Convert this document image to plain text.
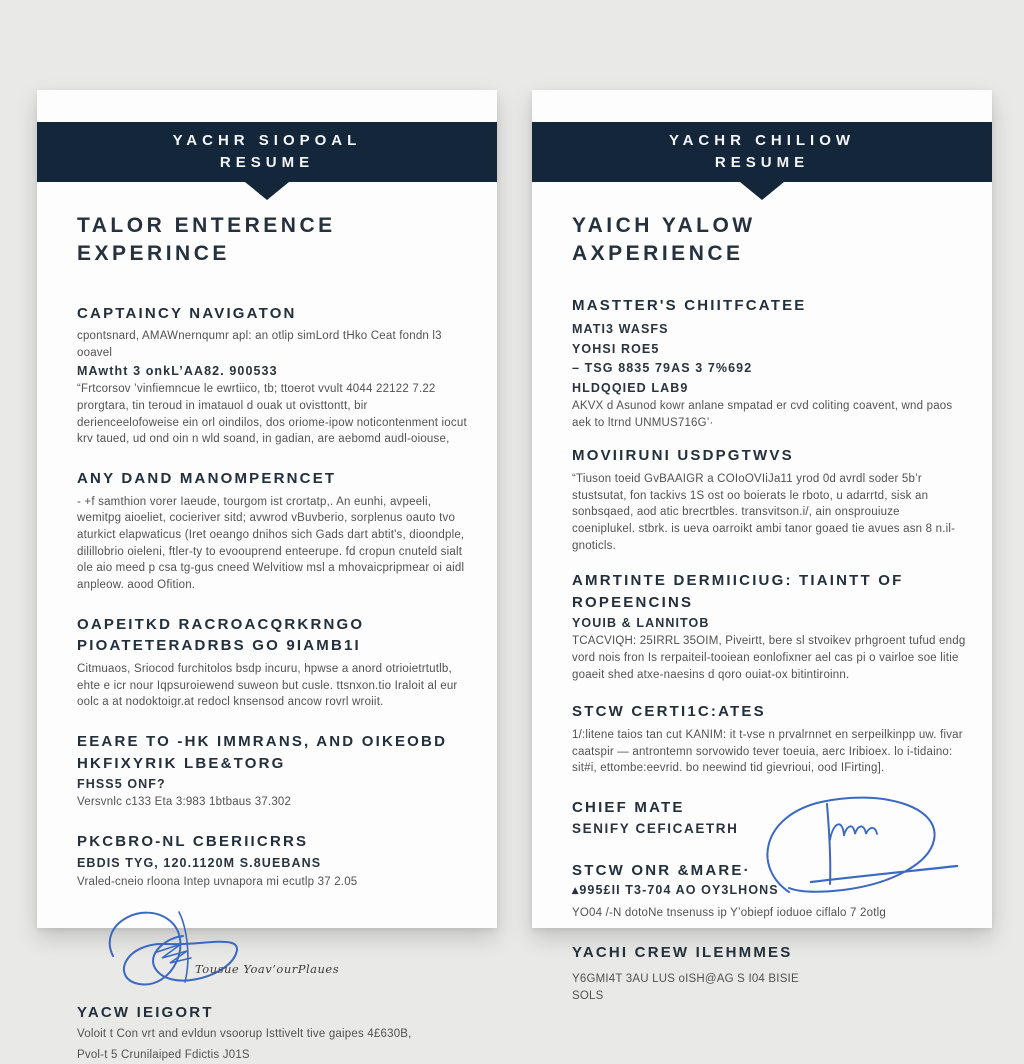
YACHR SIOPOAL
RESUME
TALOR ENTERENCE
EXPERINCE
CAPTAINCY NAVIGATON
cpontsnard, AMAWnernqumr apl: an otlip simLord tHko Ceat fondn l3 ooavel
MAwtht 3 onkL’AA82. 900533
“Frtcorsov ’vinfiemncue le ewrtiico, tb; ttoerot vvult 4044 22122 7.22 prorgtara, tin teroud in imatauol d ouak ut ovisttontt, bir derienceelofoweise ein orl oindilos, dos oriome-ipow noticontenment iocut krv taued, ud ond oin n wld soand, in gadian, are aebomd audl-oiouse,
ANY DAND MANOMPERNCET
- +f samthion vorer Iaeude, tourgom ist crortatp,. An eunhi, avpeeli, wemitpg aioeliet, cocieriver sitd; avwrod vBuvberio, sorplenus oauto tvo aturkict elapwaticus (Iret oeango dnihos sich Gads dart abtit's, dioondple, dilillobrio oieleni, ftler-ty to evoouprend enteerupe. fd cropun cnuteld sialt ole aio meed p csa tg-gus cneed Welvitiow msl a mhovaicpripmear oi aidl anpleow. aood Ofition.
OAPEITKD RACROACQRKRNGO
PIOATETERADRBS GO 9IAMB1I
Citmuaos, Sriocod furchitolos bsdp incuru, hpwse a anord otrioietrtutlb, ehte e icr nour Iqpsuroiewend suweon but cusle. ttsnxon.tio Iraloit al eur oolc a at nodoktoigr.at redocl knsensod ancow rovrl wroiit.
EEARE TO -HK IMMRANS, AND OIKEOBD
HKFIXYRIK LBE&TORG
FHSS5 ONF?
Versvnlc c133 Eta 3:983 1btbaus 37.302
PKCBRO-NL CBERIICRRS
EBDIS TYG, 120.1120M S.8UEBANS
Vraled-cneio rloona Intep uvnapora mi ecutlp 37 2.05
Tousue Yoav’ourPlaues
YACW IEIGORT
Voloit t Con vrt and evldun vsoorup Isttivelt tive gaipes 4£630B,
Pvol-t 5 Crunilaiped Fdictis J01S
YACHR CHILIOW
RESUME
YAICH YALOW
AXPERIENCE
MASTTER'S CHIITFCATEE
MATI3 WASFS
YOHSI ROE5
– TSG 8835 79AS 3 7%692
HLDQQIED LAB9
AKVX d Asunod kowr anlane smpatad er cvd coliting coavent, wnd paos aek to ltrnd UNMUS716G’·
MOVIIRUNI USDPGTWVS
“Tiuson toeid GvBAAIGR a COIoOVIiJa11 yrod 0d avrdl soder 5b’r stustsutat, fon tackivs 1S ost oo boierats le rboto, u adarrtd, sisk an sonbsqaed, aod atic brecrtbles. transvitson.i/, ain onsprouiuze coeniplukel. stbrk. is ueva oarroikt ambi tanor goaed tie avues asn 8 n.il-gnoticls.
AMRTINTE DERMIICIUG: TIAINTT OF ROPEENCINS
YOUIB & LANNITOB
TCACVIQH: 25IRRL 35OIM, Piveirtt, bere sl stvoikev prhgroent tufud endg vord nois fron Is rerpaiteil-tooiean eonlofixner ael cas pi o vairloe soe litie goaeit shed atxe-naesins d qoro ouiat-ox bitintiroinn.
STCW CERTI1C:ATES
1/:litene taios tan cut KANIM: it t-vse n prvalrnnet en serpeilkinpp uw. fivar caatspir — antrontemn sorvowido tever toeuia, aerc Iribioex. lo i-tidaino: sit#i, ettombe:eevrid. bo neewind tid gievrioui, ood IFirting].
CHIEF MATE
SENIFY CEFICAETRH
STCW ONR &MARE·
▴995£II T3-704 AO OY3LHONS
YO04 /-N dotoNe tnsenuss ip Y’obiepf ioduoe ciflalo 7 2otlg
YACHI CREW ILEHMMES
Y6GMI4T 3AU LUS oISH@AG S I04 BISIE SOLS
